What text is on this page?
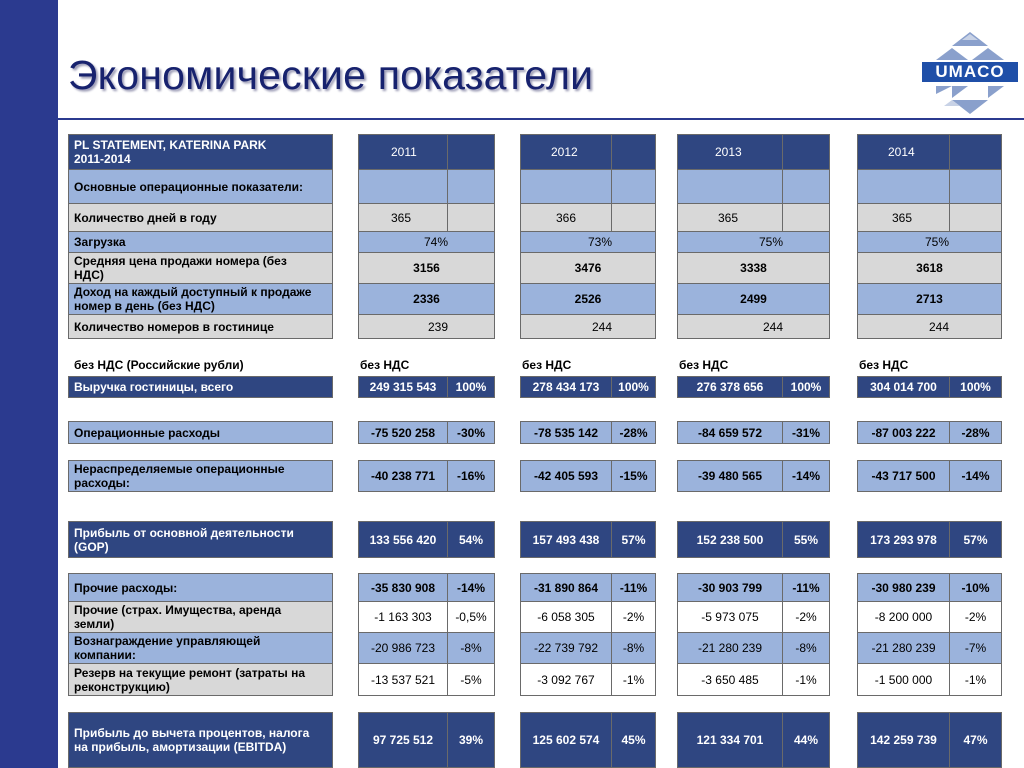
Экономические показатели	UMACO
PL STATEMENT, KATERINA PARK
2011-2014	2011	2012	2013	2014
Основные операционные показатели:
Количество дней в году	365	366	365	365
Загрузка	74%	73%	75%	75%
Средняя цена продажи номера (без
НДС)	3156	3476	3338	3618
Доход на каждый доступный к продаже
номер в день (без НДС)	2336	2526	2499	2713
Количество номеров в гостинице	239	244	244	244
без НДС (Российские рубли)	без НДС	без НДС	без НДС	без НДС
Выручка гостиницы, всего	249 315 543 100%	278 434 173 100%	276 378 656 100%	304 014 700 100%
Операционные расходы	-75 520 258 -30%	-78 535 142 -28%	-84 659 572 -31%	-87 003 222 -28%
Нераспределяемые операционные
расходы:	-40 238 771 -16%	-42 405 593 -15%	-39 480 565 -14%	-43 717 500 -14%
Прибыль от основной деятельности
(GOP)	133 556 420 54%	157 493 438 57%	152 238 500	55%	173 293 978 57%
Прочие расходы:	-35 830 908 -14%	-31 890 864 -11%	-30 903 799	-11%	-30 980 239 -10%
Прочие (страх. Имущества, аренда
земли)	-1 163 303 -0,5%	-6 058 305 -2%	-5 973 075	-2%	-8 200 000	-2%
Вознаграждение управляющей
компании:	-20 986 723 -8%	-22 739 792 -8%	-21 280 239	-8%	-21 280 239 -7%
Резерв на текущие ремонт (затраты на
реконструкцию)	-13 537 521 -5%	-3 092 767 -1%	-3 650 485	-1%	-1 500 000	-1%
Прибыль до вычета процентов, налога
на прибыль, амортизации (EBITDA)	97 725 512 39%	125 602 574 45%	121 334 701	44%	142 259 739 47%
